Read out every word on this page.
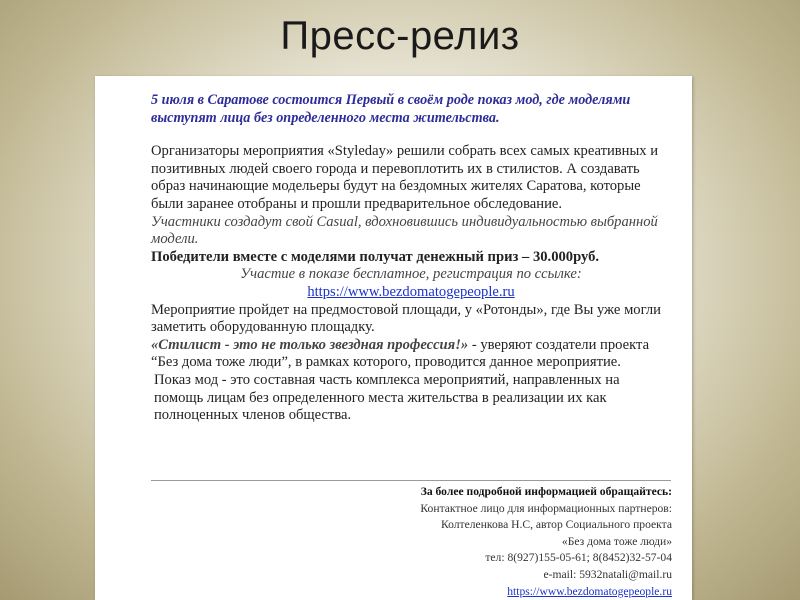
Пресс-релиз

5 июля в Саратове состоится Первый в своём роде показ мод, где моделями выступят лица без определенного места жительства.

Организаторы мероприятия «Styleday» решили собрать всех самых креативных и позитивных людей своего города и перевоплотить их в стилистов. А создавать образ начинающие модельеры будут на бездомных жителях Саратова, которые были заранее отобраны и прошли предварительное обследование.

Участники создадут свой Casual, вдохновившись индивидуальностью выбранной модели.

Победители вместе с моделями получат денежный приз – 30.000руб.

Участие в показе бесплатное, регистрация по ссылке:

https://www.bezdomatogepeople.ru

Мероприятие пройдет на предмостовой площади, у «Ротонды», где Вы уже могли заметить оборудованную площадку.

«Стилист - это не только звездная профессия!» - уверяют создатели проекта “Без дома тоже люди”, в рамках которого, проводится данное мероприятие.

Показ мод - это составная часть комплекса мероприятий, направленных на помощь лицам без определенного места жительства в реализации их как полноценных членов общества.

За более подробной информацией обращайтесь:
Контактное лицо для информационных партнеров:
Колтеленкова Н.С, автор Социального проекта
«Без дома тоже люди»
тел: 8(927)155-05-61; 8(8452)32-57-04
e-mail: 5932natali@mail.ru
https://www.bezdomatogepeople.ru
